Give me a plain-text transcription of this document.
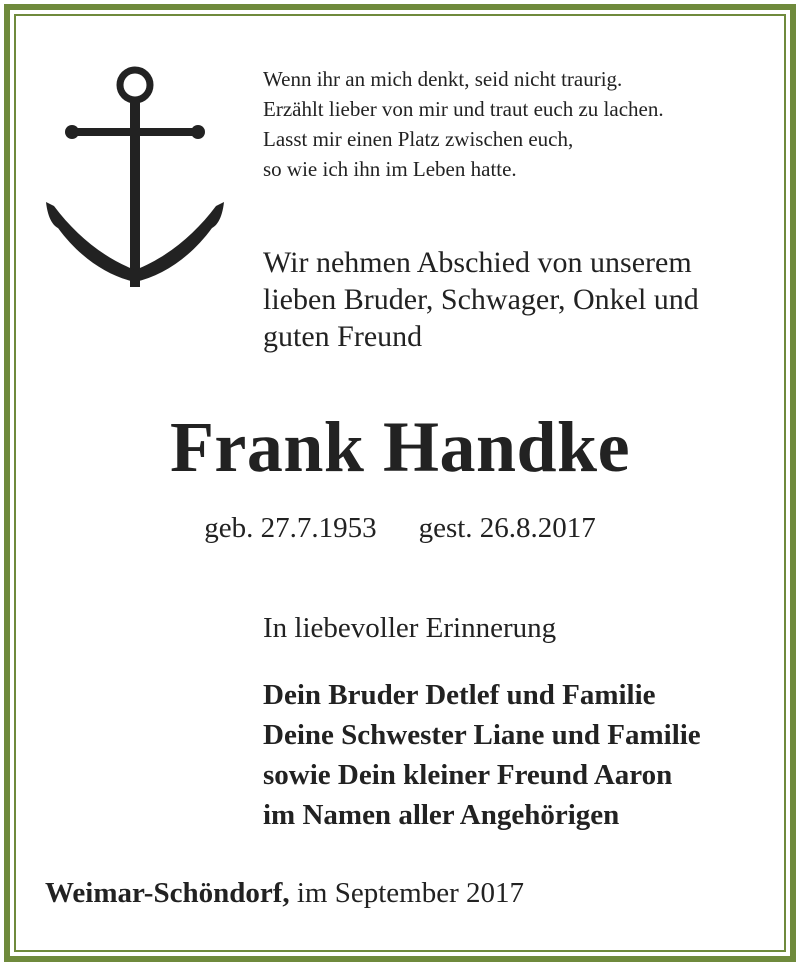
Wenn ihr an mich denkt, seid nicht traurig.
Erzählt lieber von mir und traut euch zu lachen.
Lasst mir einen Platz zwischen euch,
so wie ich ihn im Leben hatte.
Wir nehmen Abschied von unserem
lieben Bruder, Schwager, Onkel und
guten Freund
Frank Handke
geb. 27.7.1953 gest. 26.8.2017
In liebevoller Erinnerung
Dein Bruder Detlef und Familie
Deine Schwester Liane und Familie
sowie Dein kleiner Freund Aaron
im Namen aller Angehörigen
Weimar-Schöndorf, im September 2017
